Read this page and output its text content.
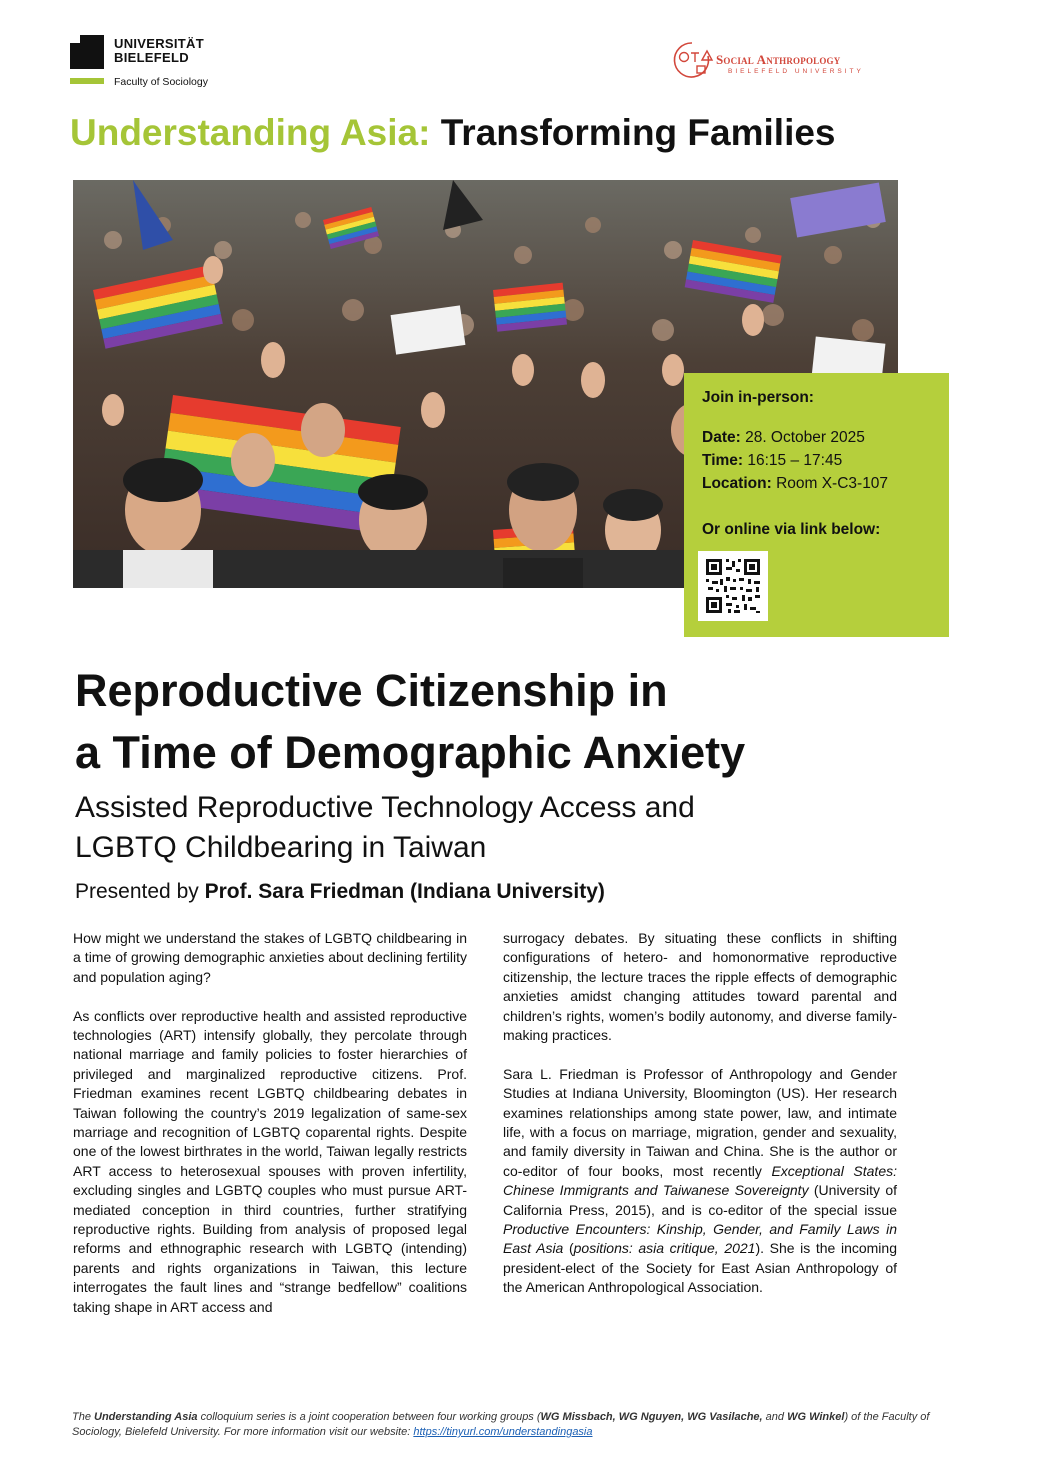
UNIVERSITÄT
BIELEFELD
Faculty of Sociology
Social Anthropology
BIELEFELD UNIVERSITY
Understanding Asia: Transforming Families
Join in-person:
Date: 28. October 2025
Time: 16:15 – 17:45
Location: Room X-C3-107
Or online via link below:
Reproductive Citizenship in
a Time of Demographic Anxiety
Assisted Reproductive Technology Access and
LGBTQ Childbearing in Taiwan
Presented by Prof. Sara Friedman (Indiana University)

How might we understand the stakes of LGBTQ childbearing in a time of growing demographic anxieties about declining fertility and population aging?

As conflicts over reproductive health and assisted reproductive technologies (ART) intensify globally, they percolate through national marriage and family policies to foster hierarchies of privileged and marginalized reproductive citizens. Prof. Friedman examines recent LGBTQ childbearing debates in Taiwan following the country’s 2019 legalization of same-sex marriage and recognition of LGBTQ coparental rights. Despite one of the lowest birthrates in the world, Taiwan legally restricts ART access to heterosexual spouses with proven infertility, excluding singles and LGBTQ couples who must pursue ART-mediated conception in third countries, further stratifying reproductive rights. Building from analysis of proposed legal reforms and ethnographic research with LGBTQ (intending) parents and rights organizations in Taiwan, this lecture interrogates the fault lines and “strange bedfellow” coalitions taking shape in ART access and

surrogacy debates. By situating these conflicts in shifting configurations of hetero- and homonormative reproductive citizenship, the lecture traces the ripple effects of demographic anxieties amidst changing attitudes toward parental and children’s rights, women’s bodily autonomy, and diverse family-making practices.

Sara L. Friedman is Professor of Anthropology and Gender Studies at Indiana University, Bloomington (US). Her research examines relationships among state power, law, and intimate life, with a focus on marriage, migration, gender and sexuality, and family diversity in Taiwan and China. She is the author or co-editor of four books, most recently Exceptional States: Chinese Immigrants and Taiwanese Sovereignty (University of California Press, 2015), and is co-editor of the special issue Productive Encounters: Kinship, Gender, and Family Laws in East Asia (positions: asia critique, 2021). She is the incoming president-elect of the Society for East Asian Anthropology of the American Anthropological Association.

The Understanding Asia colloquium series is a joint cooperation between four working groups (WG Missbach, WG Nguyen, WG Vasilache, and WG Winkel) of the Faculty of Sociology, Bielefeld University. For more information visit our website: https://tinyurl.com/understandingasia
